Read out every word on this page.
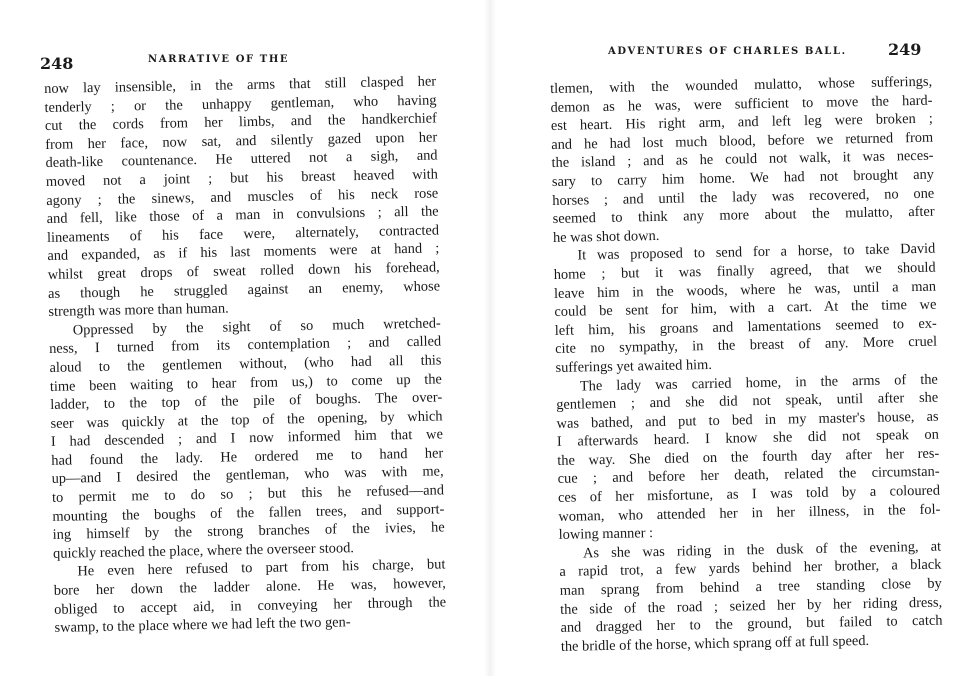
248	NARRATIVE OF THE
now lay insensible, in the arms that still clasped her
tenderly ; or the unhappy gentleman, who having
cut the cords from her limbs, and the handkerchief
from her face, now sat, and silently gazed upon her
death-like countenance. He uttered not a sigh, and
moved not a joint ; but his breast heaved with
agony ; the sinews, and muscles of his neck rose
and fell, like those of a man in convulsions ; all the
lineaments of his face were, alternately, contracted
and expanded, as if his last moments were at hand ;
whilst great drops of sweat rolled down his forehead,
as though he struggled against an enemy, whose
strength was more than human.
Oppressed by the sight of so much wretched-
ness, I turned from its contemplation ; and called
aloud to the gentlemen without, (who had all this
time been waiting to hear from us,) to come up the
ladder, to the top of the pile of boughs. The over-
seer was quickly at the top of the opening, by which
I had descended ; and I now informed him that we
had found the lady. He ordered me to hand her
up—and I desired the gentleman, who was with me,
to permit me to do so ; but this he refused—and
mounting the boughs of the fallen trees, and support-
ing himself by the strong branches of the ivies, he
quickly reached the place, where the overseer stood.
He even here refused to part from his charge, but
bore her down the ladder alone. He was, however,
obliged to accept aid, in conveying her through the
swamp, to the place where we had left the two gen-
ADVENTURES OF CHARLES BALL.	249
tlemen, with the wounded mulatto, whose sufferings,
demon as he was, were sufficient to move the hard-
est heart. His right arm, and left leg were broken ;
and he had lost much blood, before we returned from
the island ; and as he could not walk, it was neces-
sary to carry him home. We had not brought any
horses ; and until the lady was recovered, no one
seemed to think any more about the mulatto, after
he was shot down.
It was proposed to send for a horse, to take David
home ; but it was finally agreed, that we should
leave him in the woods, where he was, until a man
could be sent for him, with a cart. At the time we
left him, his groans and lamentations seemed to ex-
cite no sympathy, in the breast of any. More cruel
sufferings yet awaited him.
The lady was carried home, in the arms of the
gentlemen ; and she did not speak, until after she
was bathed, and put to bed in my master's house, as
I afterwards heard. I know she did not speak on
the way. She died on the fourth day after her res-
cue ; and before her death, related the circumstan-
ces of her misfortune, as I was told by a coloured
woman, who attended her in her illness, in the fol-
lowing manner :
As she was riding in the dusk of the evening, at
a rapid trot, a few yards behind her brother, a black
man sprang from behind a tree standing close by
the side of the road ; seized her by her riding dress,
and dragged her to the ground, but failed to catch
the bridle of the horse, which sprang off at full speed.
